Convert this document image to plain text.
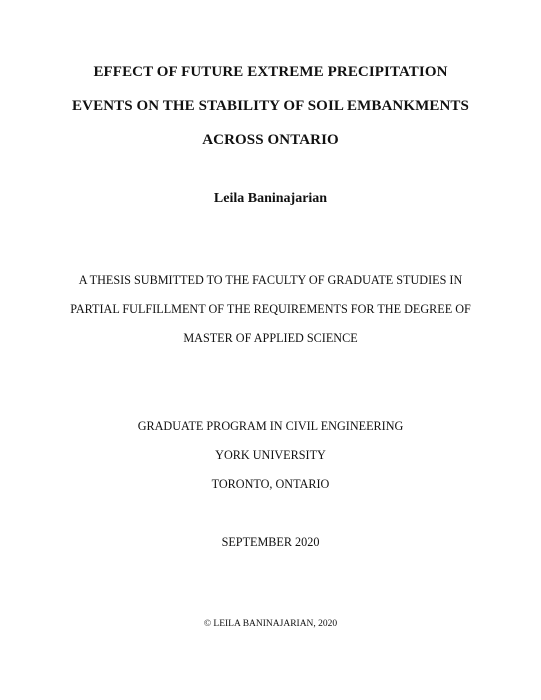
EFFECT OF FUTURE EXTREME PRECIPITATION
EVENTS ON THE STABILITY OF SOIL EMBANKMENTS
ACROSS ONTARIO
Leila Baninajarian
A THESIS SUBMITTED TO THE FACULTY OF GRADUATE STUDIES IN
PARTIAL FULFILLMENT OF THE REQUIREMENTS FOR THE DEGREE OF
MASTER OF APPLIED SCIENCE
GRADUATE PROGRAM IN CIVIL ENGINEERING
YORK UNIVERSITY
TORONTO, ONTARIO
SEPTEMBER 2020
© LEILA BANINAJARIAN, 2020
